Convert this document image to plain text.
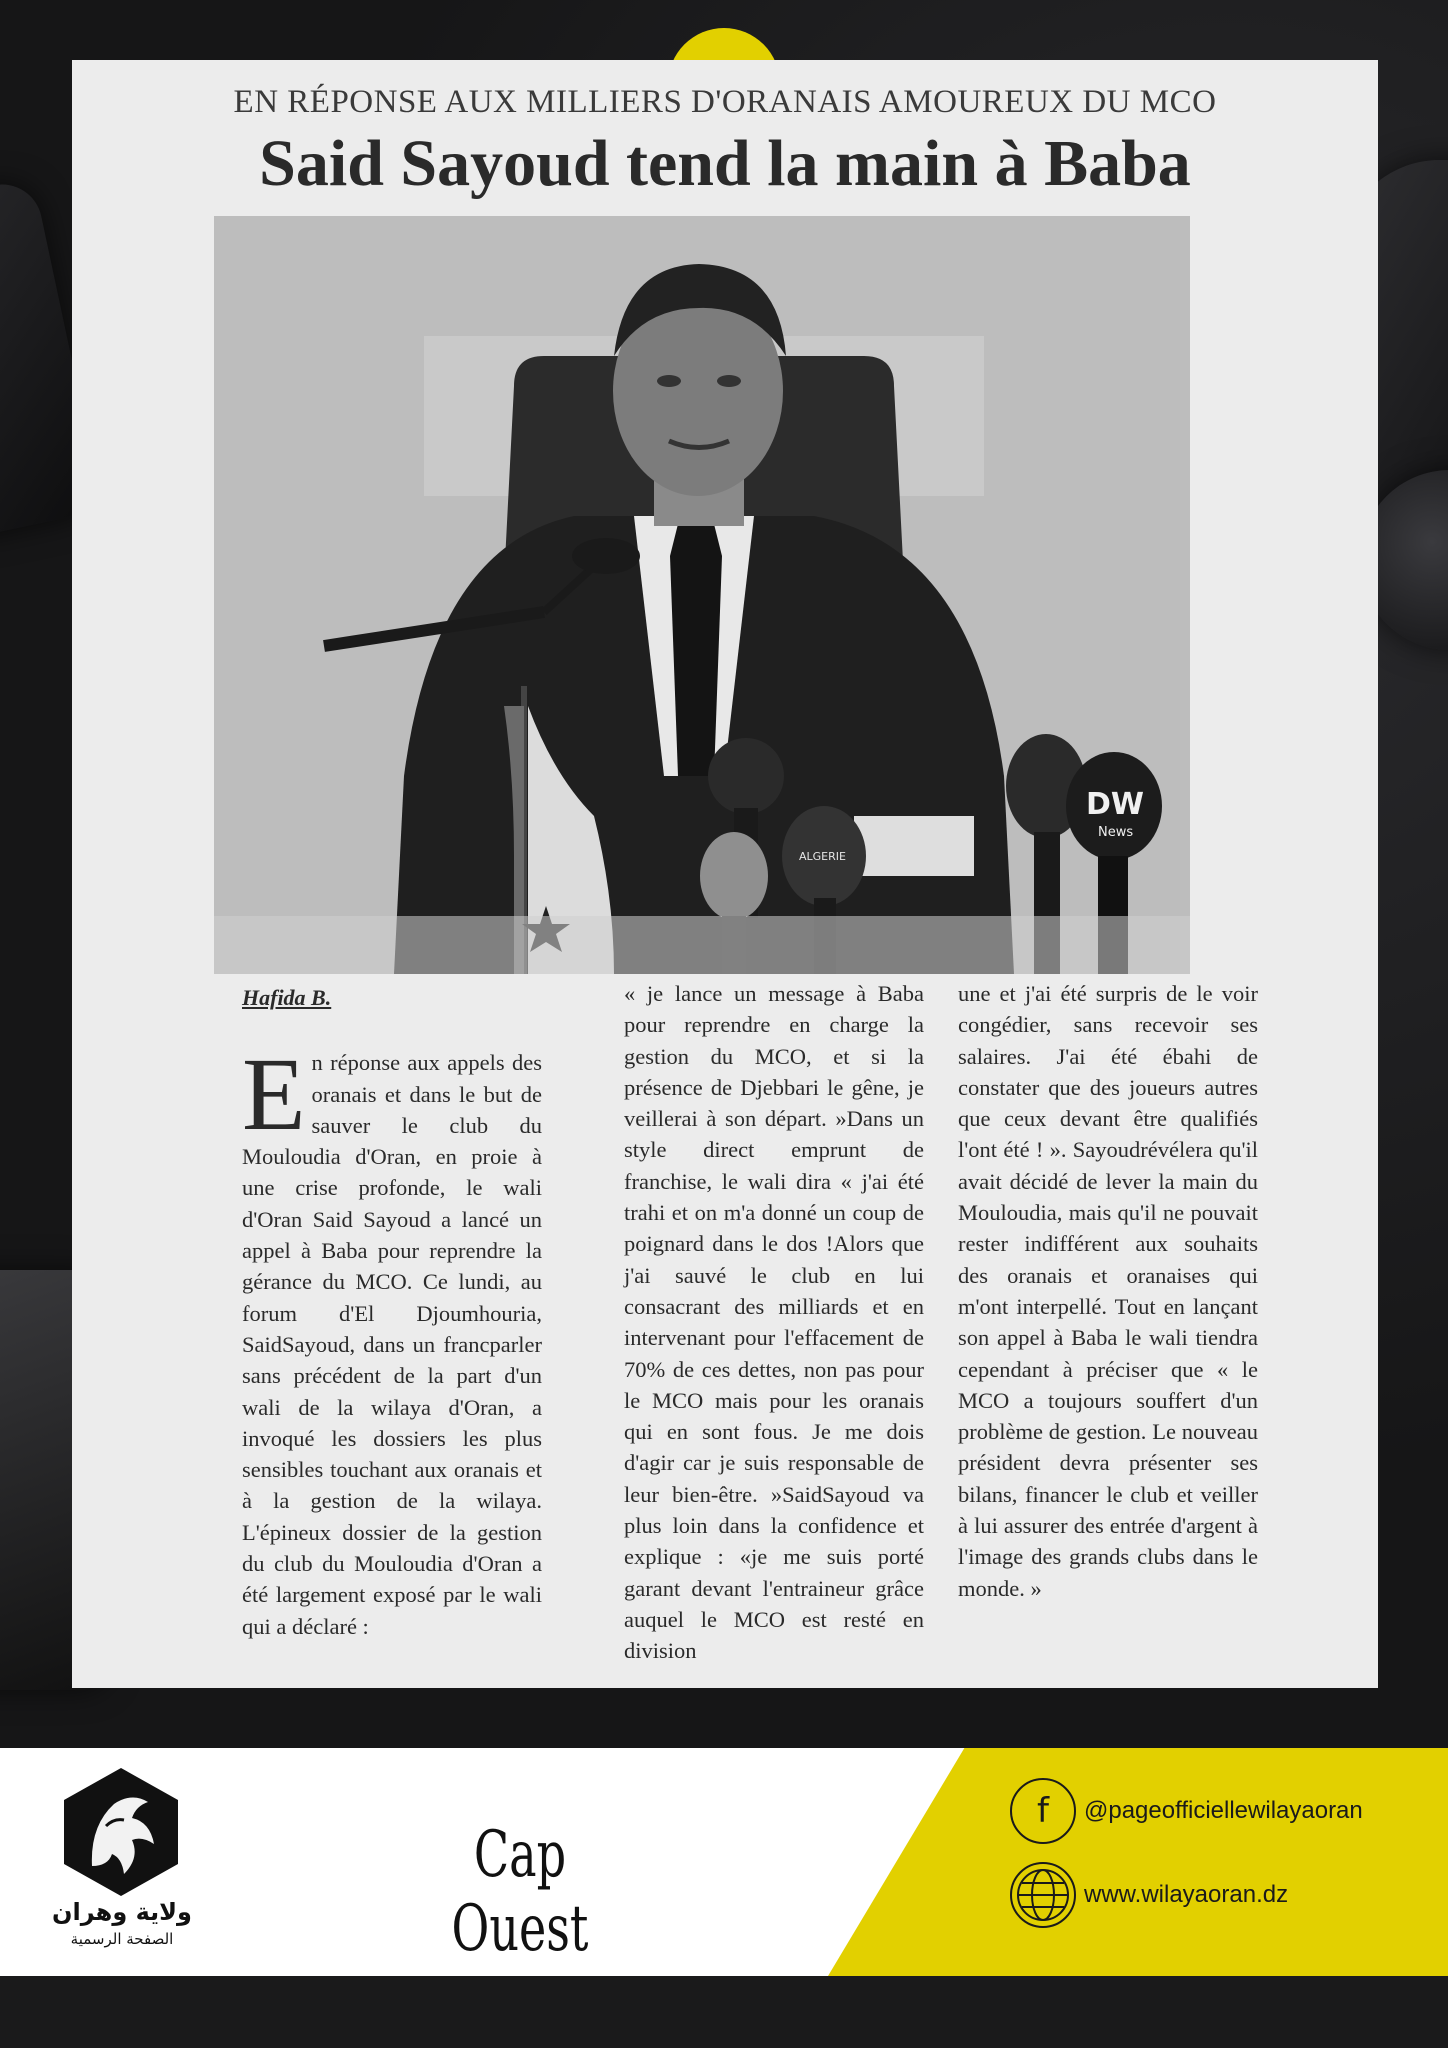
EN RÉPONSE AUX MILLIERS D'ORANAIS AMOUREUX DU MCO
Said Sayoud tend la main à Baba
DW
News
ALGERIE
Hafida B.
E n réponse aux appels des oranais et dans le but de sauver le club du Mouloudia d'Oran, en proie à une crise profonde, le wali d'Oran Said Sayoud a lancé un appel à Baba pour reprendre la gérance du MCO. Ce lundi, au forum d'El Djoumhouria, SaidSayoud, dans un francparler sans précédent de la part d'un wali de la wilaya d'Oran, a invoqué les dossiers les plus sensibles touchant aux oranais et à la gestion de la wilaya. L'épineux dossier de la gestion du club du Mouloudia d'Oran a été largement exposé par le wali qui a déclaré :
« je lance un message à Baba pour reprendre en charge la gestion du MCO, et si la présence de Djebbari le gêne, je veillerai à son départ. »Dans un style direct emprunt de franchise, le wali dira « j'ai été trahi et on m'a donné un coup de poignard dans le dos !Alors que j'ai sauvé le club en lui consacrant des milliards et en intervenant pour l'effacement de 70% de ces dettes, non pas pour le MCO mais pour les oranais qui en sont fous. Je me dois d'agir car je suis responsable de leur bien-être. »SaidSayoud va plus loin dans la confidence et explique : «je me suis porté garant devant l'entraineur grâce auquel le MCO est resté en division
une et j'ai été surpris de le voir congédier, sans recevoir ses salaires. J'ai été ébahi de constater que des joueurs autres que ceux devant être qualifiés l'ont été ! ». Sayoudrévélera qu'il avait décidé de lever la main du Mouloudia, mais qu'il ne pouvait rester indifférent aux souhaits des oranais et oranaises qui m'ont interpellé. Tout en lançant son appel à Baba le wali tiendra cependant à préciser que « le MCO a toujours souffert d'un problème de gestion. Le nouveau président devra présenter ses bilans, financer le club et veiller à lui assurer des entrée d'argent à l'image des grands clubs dans le monde. »
ولاية وهران
الصفحة الرسمية
Cap Ouest
f	@pageofficiellewilayaoran
www.wilayaoran.dz
